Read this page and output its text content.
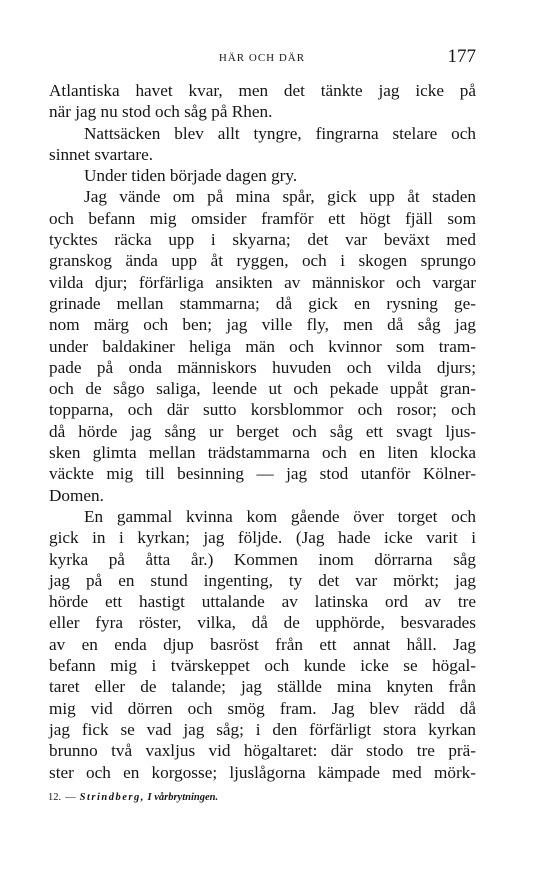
HÄR OCH DÄR	177
Atlantiska havet kvar, men det tänkte jag icke på
när jag nu stod och såg på Rhen.
Nattsäcken blev allt tyngre, fingrarna stelare och
sinnet svartare.
Under tiden började dagen gry.
Jag vände om på mina spår, gick upp åt staden
och befann mig omsider framför ett högt fjäll som
tycktes räcka upp i skyarna; det var beväxt med
granskog ända upp åt ryggen, och i skogen sprungo
vilda djur; förfärliga ansikten av människor och vargar
grinade mellan stammarna; då gick en rysning ge-
nom märg och ben; jag ville fly, men då såg jag
under baldakiner heliga män och kvinnor som tram-
pade på onda människors huvuden och vilda djurs;
och de sågo saliga, leende ut och pekade uppåt gran-
topparna, och där sutto korsblommor och rosor; och
då hörde jag sång ur berget och såg ett svagt ljus-
sken glimta mellan trädstammarna och en liten klocka
väckte mig till besinning — jag stod utanför Kölner-
Domen.
En gammal kvinna kom gående över torget och
gick in i kyrkan; jag följde. (Jag hade icke varit i
kyrka på åtta år.) Kommen inom dörrarna såg
jag på en stund ingenting, ty det var mörkt; jag
hörde ett hastigt uttalande av latinska ord av tre
eller fyra röster, vilka, då de upphörde, besvarades
av en enda djup basröst från ett annat håll. Jag
befann mig i tvärskeppet och kunde icke se högal-
taret eller de talande; jag ställde mina knyten från
mig vid dörren och smög fram. Jag blev rädd då
jag fick se vad jag såg; i den förfärligt stora kyrkan
brunno två vaxljus vid högaltaret: där stodo tre prä-
ster och en korgosse; ljuslågorna kämpade med mörk-
12. — Strindberg, I vårbrytningen.
